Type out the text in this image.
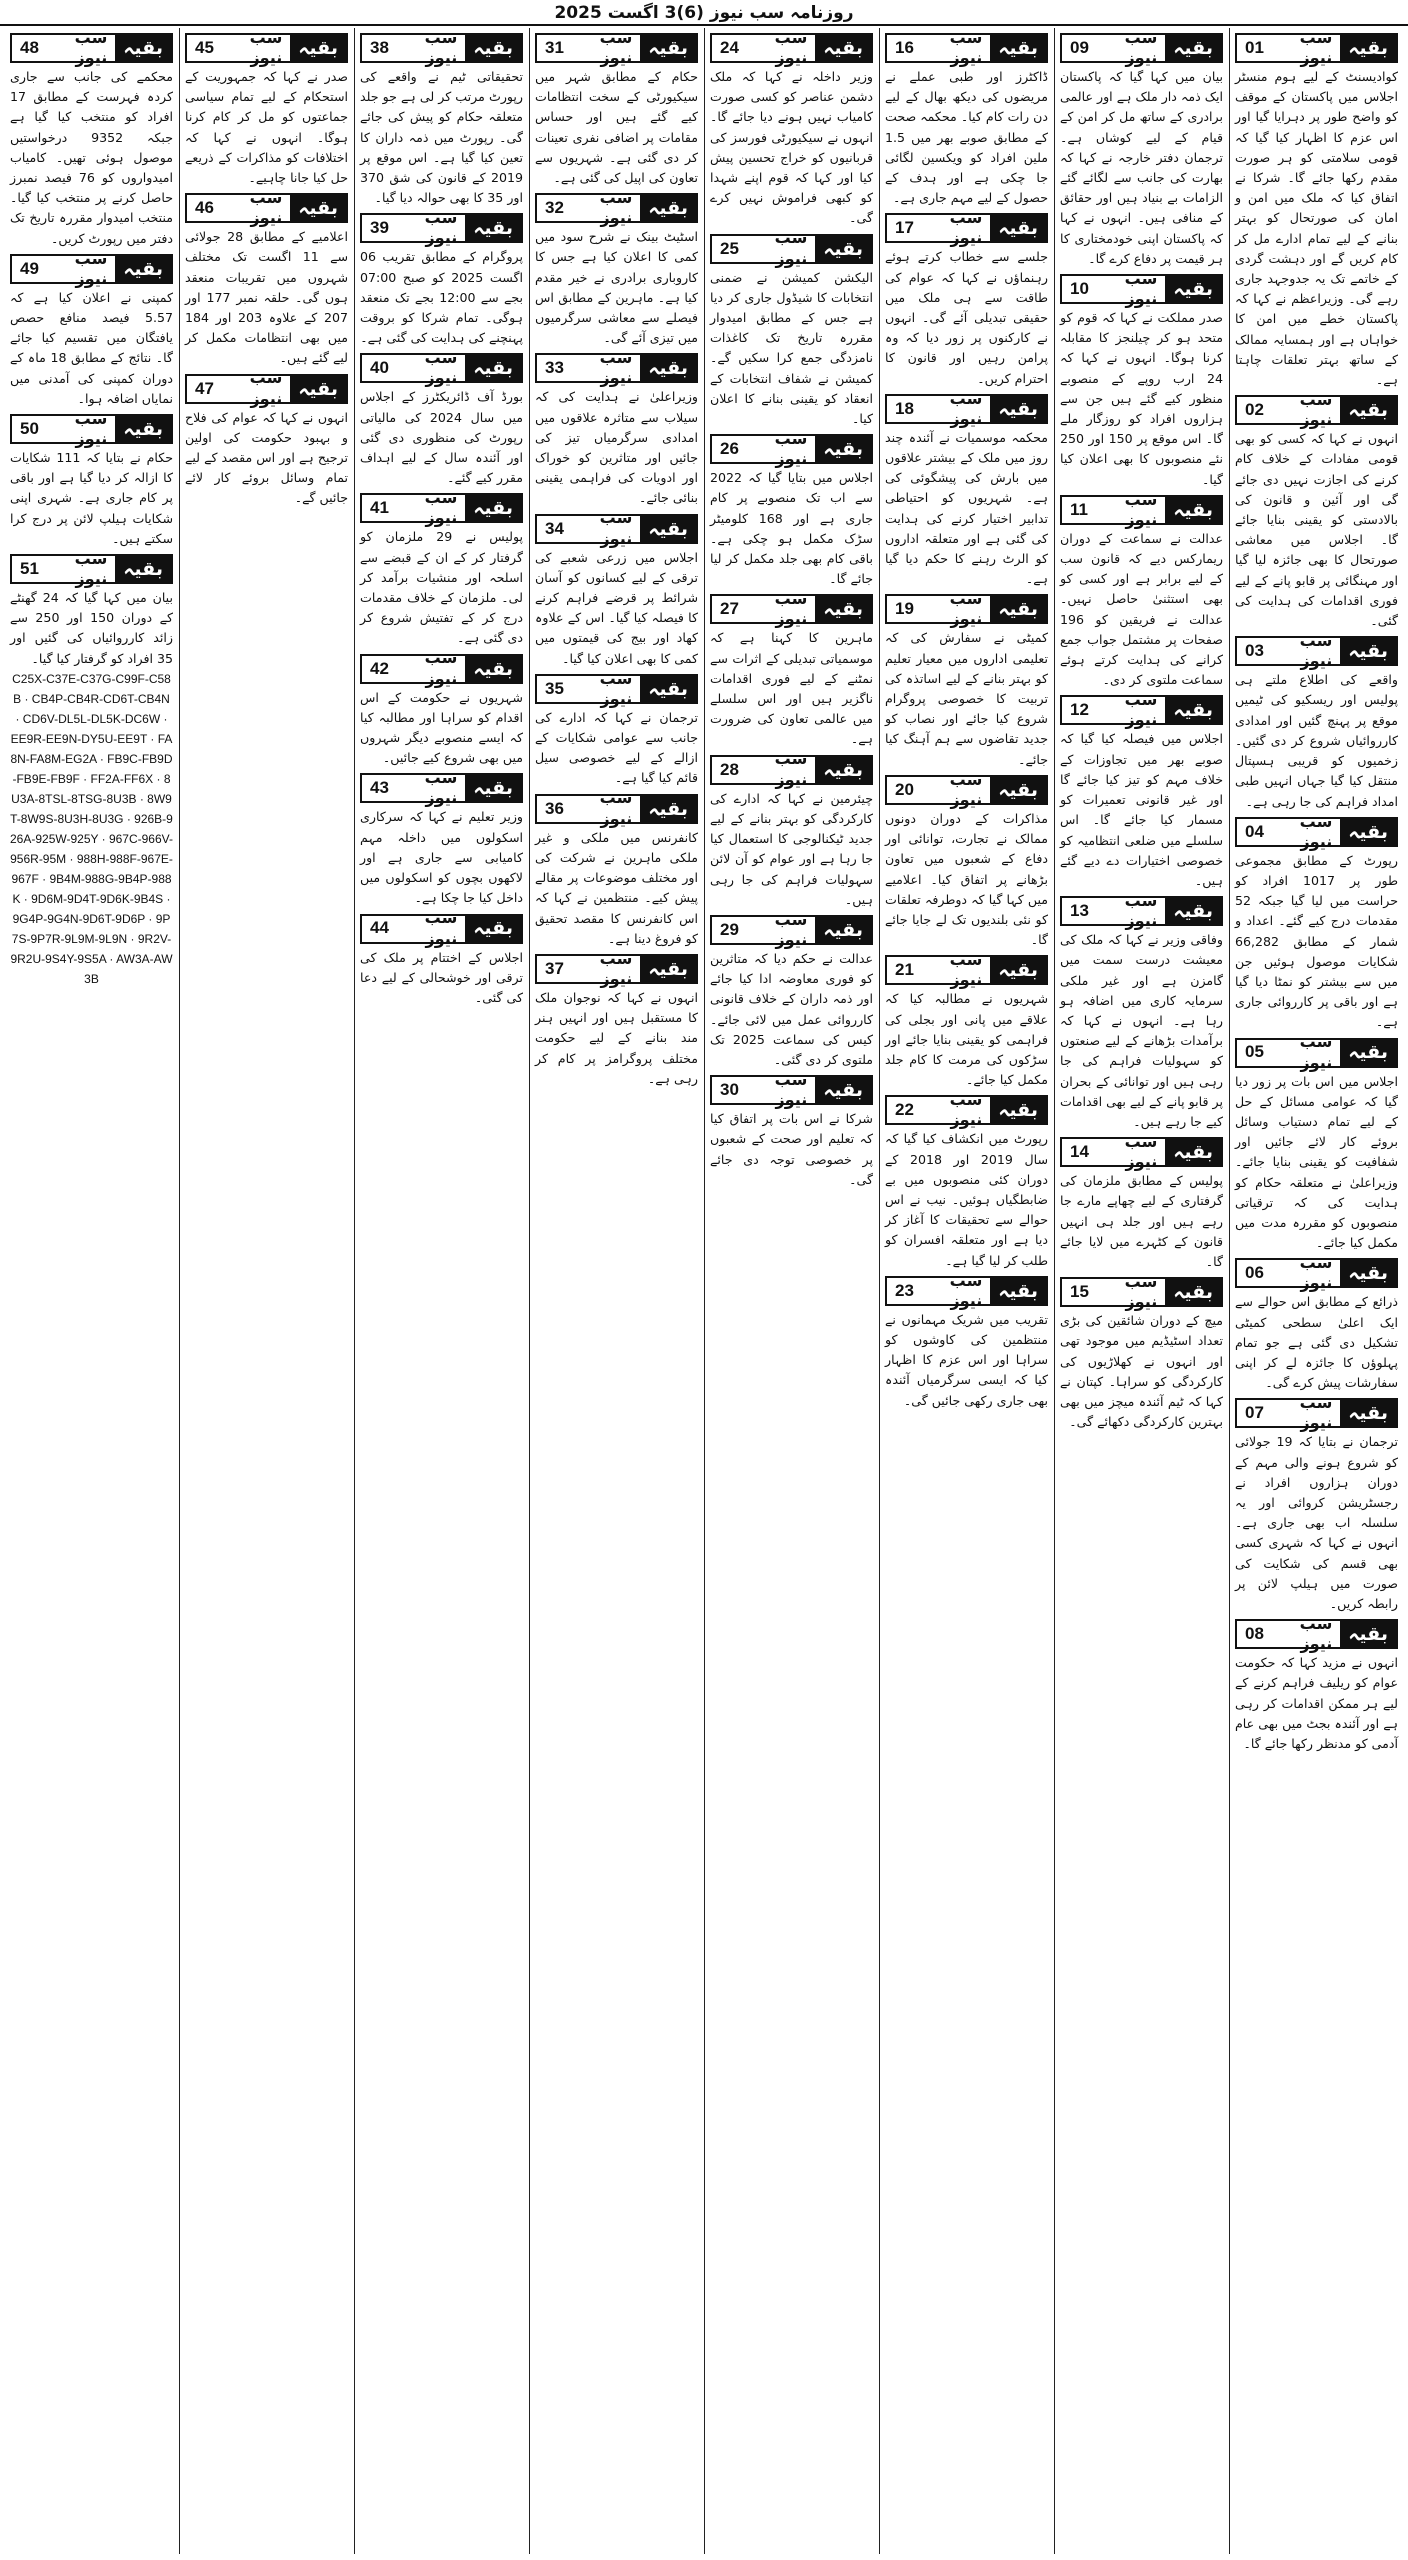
روزنامہ سب نیوز (6)3 اگست 2025
بقیہ
سب نیوز
01

کوادیسنٹ کے لیے ہوم منسٹر اجلاس میں پاکستان کے موقف کو واضح طور پر دہرایا گیا اور اس عزم کا اظہار کیا گیا کہ قومی سلامتی کو ہر صورت مقدم رکھا جائے گا۔ شرکا نے اتفاق کیا کہ ملک میں امن و امان کی صورتحال کو بہتر بنانے کے لیے تمام ادارے مل کر کام کریں گے اور دہشت گردی کے خاتمے تک یہ جدوجہد جاری رہے گی۔ وزیراعظم نے کہا کہ پاکستان خطے میں امن کا خواہاں ہے اور ہمسایہ ممالک کے ساتھ بہتر تعلقات چاہتا ہے۔

بقیہ
سب نیوز
02

انہوں نے کہا کہ کسی کو بھی قومی مفادات کے خلاف کام کرنے کی اجازت نہیں دی جائے گی اور آئین و قانون کی بالادستی کو یقینی بنایا جائے گا۔ اجلاس میں معاشی صورتحال کا بھی جائزہ لیا گیا اور مہنگائی پر قابو پانے کے لیے فوری اقدامات کی ہدایت کی گئی۔

بقیہ
سب نیوز
03

واقعے کی اطلاع ملتے ہی پولیس اور ریسکیو کی ٹیمیں موقع پر پہنچ گئیں اور امدادی کارروائیاں شروع کر دی گئیں۔ زخمیوں کو قریبی ہسپتال منتقل کیا گیا جہاں انہیں طبی امداد فراہم کی جا رہی ہے۔

بقیہ
سب نیوز
04

رپورٹ کے مطابق مجموعی طور پر 1017 افراد کو حراست میں لیا گیا جبکہ 52 مقدمات درج کیے گئے۔ اعداد و شمار کے مطابق 66,282 شکایات موصول ہوئیں جن میں سے بیشتر کو نمٹا دیا گیا ہے اور باقی پر کارروائی جاری ہے۔

بقیہ
سب نیوز
05

اجلاس میں اس بات پر زور دیا گیا کہ عوامی مسائل کے حل کے لیے تمام دستیاب وسائل بروئے کار لائے جائیں اور شفافیت کو یقینی بنایا جائے۔ وزیراعلیٰ نے متعلقہ حکام کو ہدایت کی کہ ترقیاتی منصوبوں کو مقررہ مدت میں مکمل کیا جائے۔

بقیہ
سب نیوز
06

ذرائع کے مطابق اس حوالے سے ایک اعلیٰ سطحی کمیٹی تشکیل دی گئی ہے جو تمام پہلوؤں کا جائزہ لے کر اپنی سفارشات پیش کرے گی۔

بقیہ
سب نیوز
07

ترجمان نے بتایا کہ 19 جولائی کو شروع ہونے والی مہم کے دوران ہزاروں افراد نے رجسٹریشن کروائی اور یہ سلسلہ اب بھی جاری ہے۔ انہوں نے کہا کہ شہری کسی بھی قسم کی شکایت کی صورت میں ہیلپ لائن پر رابطہ کریں۔

بقیہ
سب نیوز
08

انہوں نے مزید کہا کہ حکومت عوام کو ریلیف فراہم کرنے کے لیے ہر ممکن اقدامات کر رہی ہے اور آئندہ بجٹ میں بھی عام آدمی کو مدنظر رکھا جائے گا۔

بقیہ
سب نیوز
09

بیان میں کہا گیا کہ پاکستان ایک ذمہ دار ملک ہے اور عالمی برادری کے ساتھ مل کر امن کے قیام کے لیے کوشاں ہے۔ ترجمان دفتر خارجہ نے کہا کہ بھارت کی جانب سے لگائے گئے الزامات بے بنیاد ہیں اور حقائق کے منافی ہیں۔ انہوں نے کہا کہ پاکستان اپنی خودمختاری کا ہر قیمت پر دفاع کرے گا۔

بقیہ
سب نیوز
10

صدر مملکت نے کہا کہ قوم کو متحد ہو کر چیلنجز کا مقابلہ کرنا ہوگا۔ انہوں نے کہا کہ 24 ارب روپے کے منصوبے منظور کیے گئے ہیں جن سے ہزاروں افراد کو روزگار ملے گا۔ اس موقع پر 150 اور 250 نئے منصوبوں کا بھی اعلان کیا گیا۔

بقیہ
سب نیوز
11

عدالت نے سماعت کے دوران ریمارکس دیے کہ قانون سب کے لیے برابر ہے اور کسی کو بھی استثنیٰ حاصل نہیں۔ عدالت نے فریقین کو 196 صفحات پر مشتمل جواب جمع کرانے کی ہدایت کرتے ہوئے سماعت ملتوی کر دی۔

بقیہ
سب نیوز
12

اجلاس میں فیصلہ کیا گیا کہ صوبے بھر میں تجاوزات کے خلاف مہم کو تیز کیا جائے گا اور غیر قانونی تعمیرات کو مسمار کیا جائے گا۔ اس سلسلے میں ضلعی انتظامیہ کو خصوصی اختیارات دے دیے گئے ہیں۔

بقیہ
سب نیوز
13

وفاقی وزیر نے کہا کہ ملک کی معیشت درست سمت میں گامزن ہے اور غیر ملکی سرمایہ کاری میں اضافہ ہو رہا ہے۔ انہوں نے کہا کہ برآمدات بڑھانے کے لیے صنعتوں کو سہولیات فراہم کی جا رہی ہیں اور توانائی کے بحران پر قابو پانے کے لیے بھی اقدامات کیے جا رہے ہیں۔

بقیہ
سب نیوز
14

پولیس کے مطابق ملزمان کی گرفتاری کے لیے چھاپے مارے جا رہے ہیں اور جلد ہی انہیں قانون کے کٹہرے میں لایا جائے گا۔

بقیہ
سب نیوز
15

میچ کے دوران شائقین کی بڑی تعداد اسٹیڈیم میں موجود تھی اور انہوں نے کھلاڑیوں کی کارکردگی کو سراہا۔ کپتان نے کہا کہ ٹیم آئندہ میچز میں بھی بہترین کارکردگی دکھائے گی۔

بقیہ
سب نیوز
16

ڈاکٹرز اور طبی عملے نے مریضوں کی دیکھ بھال کے لیے دن رات کام کیا۔ محکمہ صحت کے مطابق صوبے بھر میں 1.5 ملین افراد کو ویکسین لگائی جا چکی ہے اور ہدف کے حصول کے لیے مہم جاری ہے۔

بقیہ
سب نیوز
17

جلسے سے خطاب کرتے ہوئے رہنماؤں نے کہا کہ عوام کی طاقت سے ہی ملک میں حقیقی تبدیلی آئے گی۔ انہوں نے کارکنوں پر زور دیا کہ وہ پرامن رہیں اور قانون کا احترام کریں۔

بقیہ
سب نیوز
18

محکمہ موسمیات نے آئندہ چند روز میں ملک کے بیشتر علاقوں میں بارش کی پیشگوئی کی ہے۔ شہریوں کو احتیاطی تدابیر اختیار کرنے کی ہدایت کی گئی ہے اور متعلقہ اداروں کو الرٹ رہنے کا حکم دیا گیا ہے۔

بقیہ
سب نیوز
19

کمیٹی نے سفارش کی کہ تعلیمی اداروں میں معیار تعلیم کو بہتر بنانے کے لیے اساتذہ کی تربیت کا خصوصی پروگرام شروع کیا جائے اور نصاب کو جدید تقاضوں سے ہم آہنگ کیا جائے۔

بقیہ
سب نیوز
20

مذاکرات کے دوران دونوں ممالک نے تجارت، توانائی اور دفاع کے شعبوں میں تعاون بڑھانے پر اتفاق کیا۔ اعلامیے میں کہا گیا کہ دوطرفہ تعلقات کو نئی بلندیوں تک لے جایا جائے گا۔

بقیہ
سب نیوز
21

شہریوں نے مطالبہ کیا کہ علاقے میں پانی اور بجلی کی فراہمی کو یقینی بنایا جائے اور سڑکوں کی مرمت کا کام جلد مکمل کیا جائے۔

بقیہ
سب نیوز
22

رپورٹ میں انکشاف کیا گیا کہ سال 2019 اور 2018 کے دوران کئی منصوبوں میں بے ضابطگیاں ہوئیں۔ نیب نے اس حوالے سے تحقیقات کا آغاز کر دیا ہے اور متعلقہ افسران کو طلب کر لیا گیا ہے۔

بقیہ
سب نیوز
23

تقریب میں شریک مہمانوں نے منتظمین کی کاوشوں کو سراہا اور اس عزم کا اظہار کیا کہ ایسی سرگرمیاں آئندہ بھی جاری رکھی جائیں گی۔

بقیہ
سب نیوز
24

وزیر داخلہ نے کہا کہ ملک دشمن عناصر کو کسی صورت کامیاب نہیں ہونے دیا جائے گا۔ انہوں نے سیکیورٹی فورسز کی قربانیوں کو خراج تحسین پیش کیا اور کہا کہ قوم اپنے شہدا کو کبھی فراموش نہیں کرے گی۔

بقیہ
سب نیوز
25

الیکشن کمیشن نے ضمنی انتخابات کا شیڈول جاری کر دیا ہے جس کے مطابق امیدوار مقررہ تاریخ تک کاغذات نامزدگی جمع کرا سکیں گے۔ کمیشن نے شفاف انتخابات کے انعقاد کو یقینی بنانے کا اعلان کیا۔

بقیہ
سب نیوز
26

اجلاس میں بتایا گیا کہ 2022 سے اب تک منصوبے پر کام جاری ہے اور 168 کلومیٹر سڑک مکمل ہو چکی ہے۔ باقی کام بھی جلد مکمل کر لیا جائے گا۔

بقیہ
سب نیوز
27

ماہرین کا کہنا ہے کہ موسمیاتی تبدیلی کے اثرات سے نمٹنے کے لیے فوری اقدامات ناگزیر ہیں اور اس سلسلے میں عالمی تعاون کی ضرورت ہے۔

بقیہ
سب نیوز
28

چیئرمین نے کہا کہ ادارے کی کارکردگی کو بہتر بنانے کے لیے جدید ٹیکنالوجی کا استعمال کیا جا رہا ہے اور عوام کو آن لائن سہولیات فراہم کی جا رہی ہیں۔

بقیہ
سب نیوز
29

عدالت نے حکم دیا کہ متاثرین کو فوری معاوضہ ادا کیا جائے اور ذمہ داران کے خلاف قانونی کارروائی عمل میں لائی جائے۔ کیس کی سماعت 2025 تک ملتوی کر دی گئی۔

بقیہ
سب نیوز
30

شرکا نے اس بات پر اتفاق کیا کہ تعلیم اور صحت کے شعبوں پر خصوصی توجہ دی جائے گی۔

بقیہ
سب نیوز
31

حکام کے مطابق شہر میں سیکیورٹی کے سخت انتظامات کیے گئے ہیں اور حساس مقامات پر اضافی نفری تعینات کر دی گئی ہے۔ شہریوں سے تعاون کی اپیل کی گئی ہے۔

بقیہ
سب نیوز
32

اسٹیٹ بینک نے شرح سود میں کمی کا اعلان کیا ہے جس کا کاروباری برادری نے خیر مقدم کیا ہے۔ ماہرین کے مطابق اس فیصلے سے معاشی سرگرمیوں میں تیزی آئے گی۔

بقیہ
سب نیوز
33

وزیراعلیٰ نے ہدایت کی کہ سیلاب سے متاثرہ علاقوں میں امدادی سرگرمیاں تیز کی جائیں اور متاثرین کو خوراک اور ادویات کی فراہمی یقینی بنائی جائے۔

بقیہ
سب نیوز
34

اجلاس میں زرعی شعبے کی ترقی کے لیے کسانوں کو آسان شرائط پر قرضے فراہم کرنے کا فیصلہ کیا گیا۔ اس کے علاوہ کھاد اور بیج کی قیمتوں میں کمی کا بھی اعلان کیا گیا۔

بقیہ
سب نیوز
35

ترجمان نے کہا کہ ادارے کی جانب سے عوامی شکایات کے ازالے کے لیے خصوصی سیل قائم کیا گیا ہے۔

بقیہ
سب نیوز
36

کانفرنس میں ملکی و غیر ملکی ماہرین نے شرکت کی اور مختلف موضوعات پر مقالے پیش کیے۔ منتظمین نے کہا کہ اس کانفرنس کا مقصد تحقیق کو فروغ دینا ہے۔

بقیہ
سب نیوز
37

انہوں نے کہا کہ نوجوان ملک کا مستقبل ہیں اور انہیں ہنر مند بنانے کے لیے حکومت مختلف پروگرامز پر کام کر رہی ہے۔

بقیہ
سب نیوز
38

تحقیقاتی ٹیم نے واقعے کی رپورٹ مرتب کر لی ہے جو جلد متعلقہ حکام کو پیش کی جائے گی۔ رپورٹ میں ذمہ داران کا تعین کیا گیا ہے۔ اس موقع پر 2019 کے قانون کی شق 370 اور 35 کا بھی حوالہ دیا گیا۔

بقیہ
سب نیوز
39

پروگرام کے مطابق تقریب 06 اگست 2025 کو صبح 07:00 بجے سے 12:00 بجے تک منعقد ہوگی۔ تمام شرکا کو بروقت پہنچنے کی ہدایت کی گئی ہے۔

بقیہ
سب نیوز
40

بورڈ آف ڈائریکٹرز کے اجلاس میں سال 2024 کی مالیاتی رپورٹ کی منظوری دی گئی اور آئندہ سال کے لیے اہداف مقرر کیے گئے۔

بقیہ
سب نیوز
41

پولیس نے 29 ملزمان کو گرفتار کر کے ان کے قبضے سے اسلحہ اور منشیات برآمد کر لی۔ ملزمان کے خلاف مقدمات درج کر کے تفتیش شروع کر دی گئی ہے۔

بقیہ
سب نیوز
42

شہریوں نے حکومت کے اس اقدام کو سراہا اور مطالبہ کیا کہ ایسے منصوبے دیگر شہروں میں بھی شروع کیے جائیں۔

بقیہ
سب نیوز
43

وزیر تعلیم نے کہا کہ سرکاری اسکولوں میں داخلہ مہم کامیابی سے جاری ہے اور لاکھوں بچوں کو اسکولوں میں داخل کیا جا چکا ہے۔

بقیہ
سب نیوز
44

اجلاس کے اختتام پر ملک کی ترقی اور خوشحالی کے لیے دعا کی گئی۔

بقیہ
سب نیوز
45

صدر نے کہا کہ جمہوریت کے استحکام کے لیے تمام سیاسی جماعتوں کو مل کر کام کرنا ہوگا۔ انہوں نے کہا کہ اختلافات کو مذاکرات کے ذریعے حل کیا جانا چاہیے۔

بقیہ
سب نیوز
46

اعلامیے کے مطابق 28 جولائی سے 11 اگست تک مختلف شہروں میں تقریبات منعقد ہوں گی۔ حلقہ نمبر 177 اور 207 کے علاوہ 203 اور 184 میں بھی انتظامات مکمل کر لیے گئے ہیں۔

بقیہ
سب نیوز
47

انہوں نے کہا کہ عوام کی فلاح و بہبود حکومت کی اولین ترجیح ہے اور اس مقصد کے لیے تمام وسائل بروئے کار لائے جائیں گے۔

بقیہ
سب نیوز
48

محکمے کی جانب سے جاری کردہ فہرست کے مطابق 17 افراد کو منتخب کیا گیا ہے جبکہ 9352 درخواستیں موصول ہوئی تھیں۔ کامیاب امیدواروں کو 76 فیصد نمبرز حاصل کرنے پر منتخب کیا گیا۔ منتخب امیدوار مقررہ تاریخ تک دفتر میں رپورٹ کریں۔

بقیہ
سب نیوز
49

کمپنی نے اعلان کیا ہے کہ 5.57 فیصد منافع حصص یافتگان میں تقسیم کیا جائے گا۔ نتائج کے مطابق 18 ماہ کے دوران کمپنی کی آمدنی میں نمایاں اضافہ ہوا۔

بقیہ
سب نیوز
50

حکام نے بتایا کہ 111 شکایات کا ازالہ کر دیا گیا ہے اور باقی پر کام جاری ہے۔ شہری اپنی شکایات ہیلپ لائن پر درج کرا سکتے ہیں۔

بقیہ
سب نیوز
51

بیان میں کہا گیا کہ 24 گھنٹے کے دوران 150 اور 250 سے زائد کارروائیاں کی گئیں اور 35 افراد کو گرفتار کیا گیا۔

C25X-C37E-C37G-C99F-C58B · CB4P-CB4R-CD6T-CB4N · CD6V-DL5L-DL5K-DC6W · EE9R-EE9N-DY5U-EE9T · FA8N-FA8M-EG2A · FB9C-FB9D-FB9E-FB9F · FF2A-FF6X · 8U3A-8TSL-8TSG-8U3B · 8W9T-8W9S-8U3H-8U3G · 926B-926A-925W-925Y · 967C-966V-956R-95M · 988H-988F-967E-967F · 9B4M-988G-9B4P-988K · 9D6M-9D4T-9D6K-9B4S · 9G4P-9G4N-9D6T-9D6P · 9P7S-9P7R-9L9M-9L9N · 9R2V-9R2U-9S4Y-9S5A · AW3A-AW3B
